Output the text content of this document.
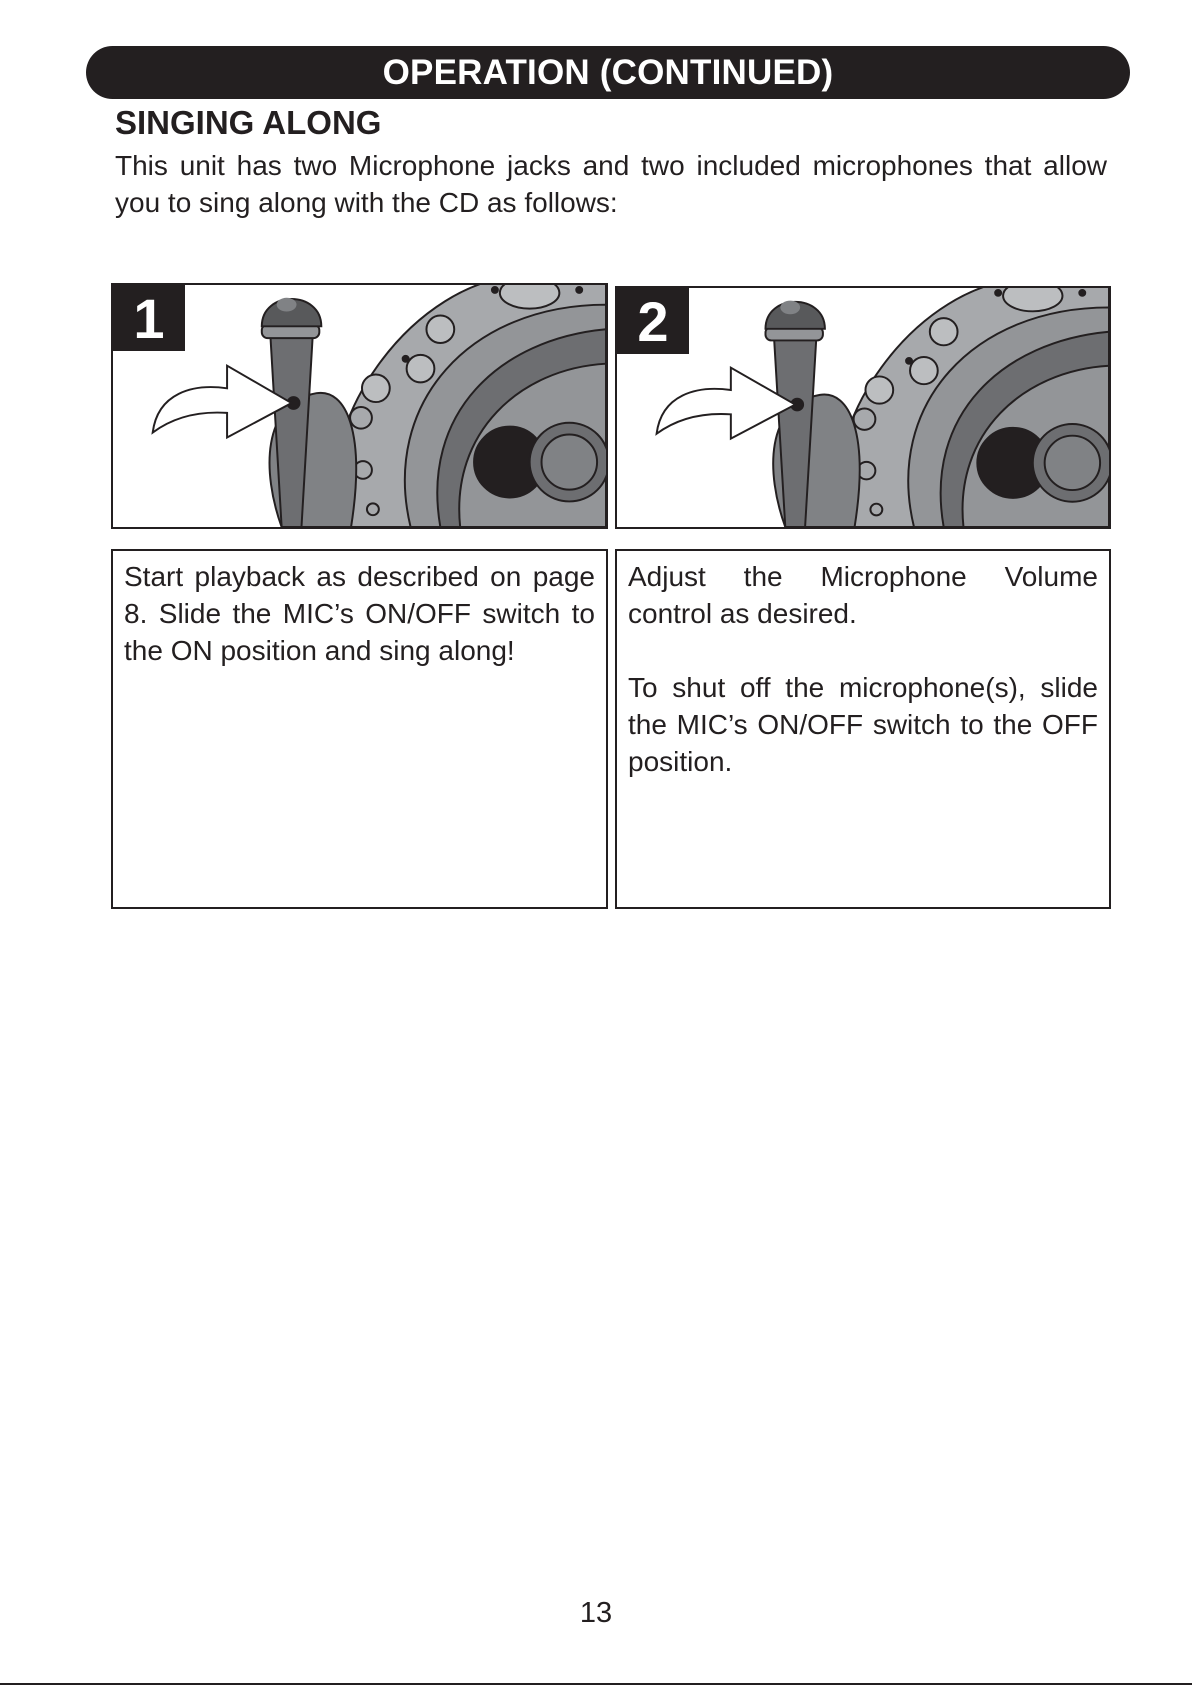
OPERATION (CONTINUED)
SINGING ALONG

This unit has two Microphone jacks and two included microphones that allow you to sing along with the CD as follows:

1	2

Start playback as described on page 8. Slide the MIC’s ON/OFF switch to the ON position and sing along!

Adjust the Microphone Volume control as desired.

To shut off the microphone(s), slide the MIC’s ON/OFF switch to the OFF position.

13
